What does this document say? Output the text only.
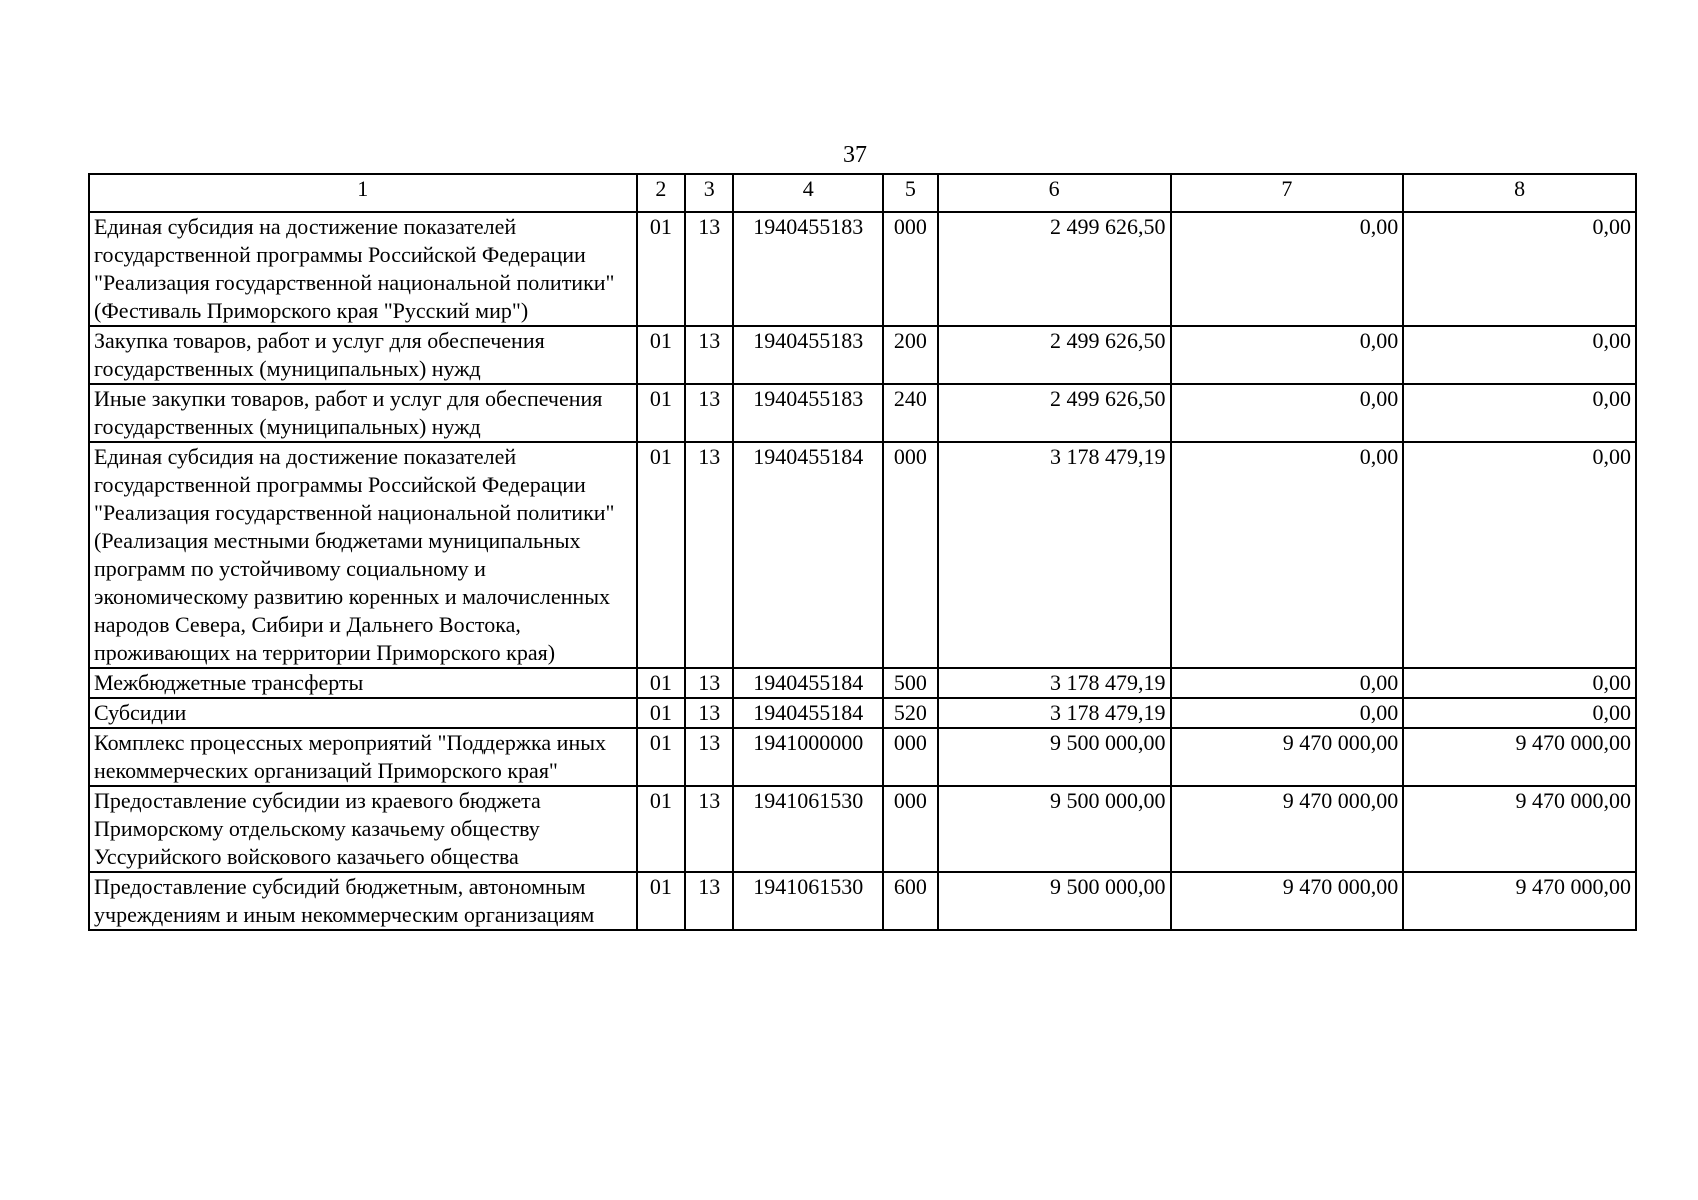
37
1	2	3	4	5	6	7	8
Единая субсидия на достижение показателей государственной программы Российской Федерации "Реализация государственной национальной политики" (Фестиваль Приморского края "Русский мир")	01	13	1940455183	000	2 499 626,50	0,00	0,00
Закупка товаров, работ и услуг для обеспечения государственных (муниципальных) нужд	01	13	1940455183	200	2 499 626,50	0,00	0,00
Иные закупки товаров, работ и услуг для обеспечения государственных (муниципальных) нужд	01	13	1940455183	240	2 499 626,50	0,00	0,00
Единая субсидия на достижение показателей государственной программы Российской Федерации "Реализация государственной национальной политики" (Реализация местными бюджетами муниципальных программ по устойчивому социальному и экономическому развитию коренных и малочисленных народов Севера, Сибири и Дальнего Востока, проживающих на территории Приморского края)	01	13	1940455184	000	3 178 479,19	0,00	0,00
Межбюджетные трансферты	01	13	1940455184	500	3 178 479,19	0,00	0,00
Субсидии	01	13	1940455184	520	3 178 479,19	0,00	0,00
Комплекс процессных мероприятий "Поддержка иных некоммерческих организаций Приморского края"	01	13	1941000000	000	9 500 000,00	9 470 000,00	9 470 000,00
Предоставление субсидии из краевого бюджета Приморскому отдельскому казачьему обществу Уссурийского войскового казачьего общества	01	13	1941061530	000	9 500 000,00	9 470 000,00	9 470 000,00
Предоставление субсидий бюджетным, автономным учреждениям и иным некоммерческим организациям	01	13	1941061530	600	9 500 000,00	9 470 000,00	9 470 000,00
